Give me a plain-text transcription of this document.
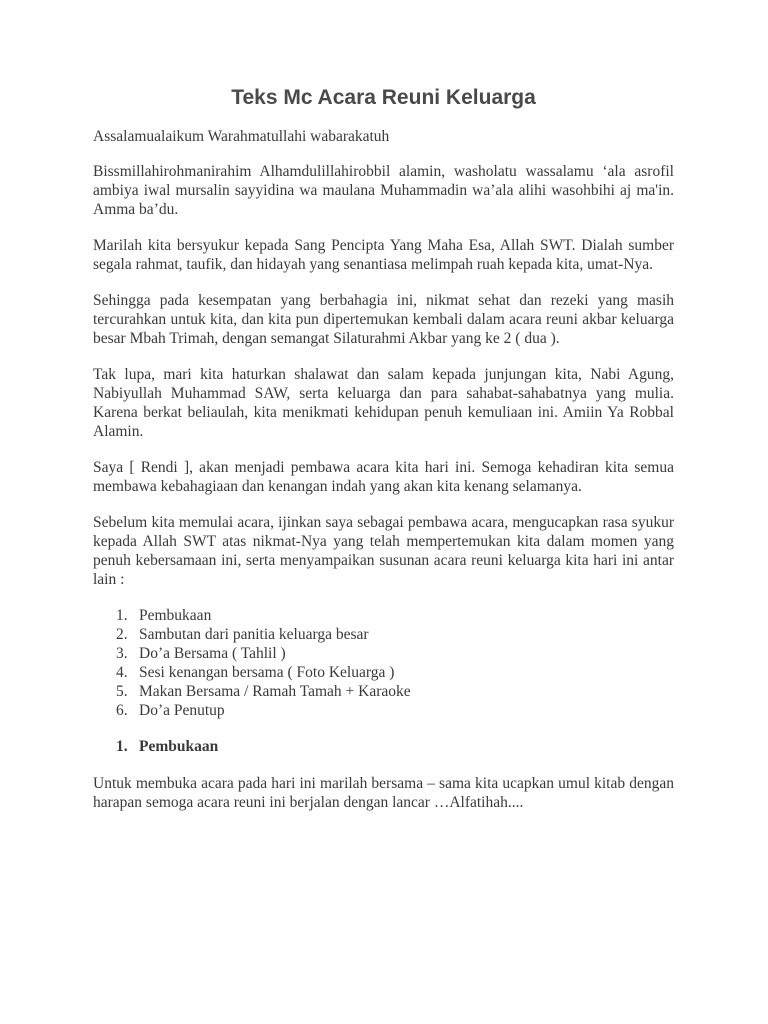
Teks Mc Acara Reuni Keluarga

Assalamualaikum Warahmatullahi wabarakatuh

Bissmillahirohmanirahim Alhamdulillahirobbil alamin, washolatu wassalamu ‘ala asrofil ambiya iwal mursalin sayyidina wa maulana Muhammadin wa’ala alihi wasohbihi aj ma'in. Amma ba’du.

Marilah kita bersyukur kepada Sang Pencipta Yang Maha Esa, Allah SWT. Dialah sumber segala rahmat, taufik, dan hidayah yang senantiasa melimpah ruah kepada kita, umat-Nya.

Sehingga pada kesempatan yang berbahagia ini, nikmat sehat dan rezeki yang masih tercurahkan untuk kita, dan kita pun dipertemukan kembali dalam acara reuni akbar keluarga besar Mbah Trimah, dengan semangat Silaturahmi Akbar yang ke 2 ( dua ).

Tak lupa, mari kita haturkan shalawat dan salam kepada junjungan kita, Nabi Agung, Nabiyullah Muhammad SAW, serta keluarga dan para sahabat-sahabatnya yang mulia. Karena berkat beliaulah, kita menikmati kehidupan penuh kemuliaan ini. Amiin Ya Robbal Alamin.

Saya [ Rendi ], akan menjadi pembawa acara kita hari ini. Semoga kehadiran kita semua membawa kebahagiaan dan kenangan indah yang akan kita kenang selamanya.

Sebelum kita memulai acara, ijinkan saya sebagai pembawa acara, mengucapkan rasa syukur kepada Allah SWT atas nikmat-Nya yang telah mempertemukan kita dalam momen yang penuh kebersamaan ini, serta menyampaikan susunan acara reuni keluarga kita hari ini antar lain :

1. Pembukaan
2. Sambutan dari panitia keluarga besar
3. Do’a Bersama ( Tahlil )
4. Sesi kenangan bersama ( Foto Keluarga )
5. Makan Bersama / Ramah Tamah + Karaoke
6. Do’a Penutup
1. Pembukaan

Untuk membuka acara pada hari ini marilah bersama – sama kita ucapkan umul kitab dengan harapan semoga acara reuni ini berjalan dengan lancar …Alfatihah....
